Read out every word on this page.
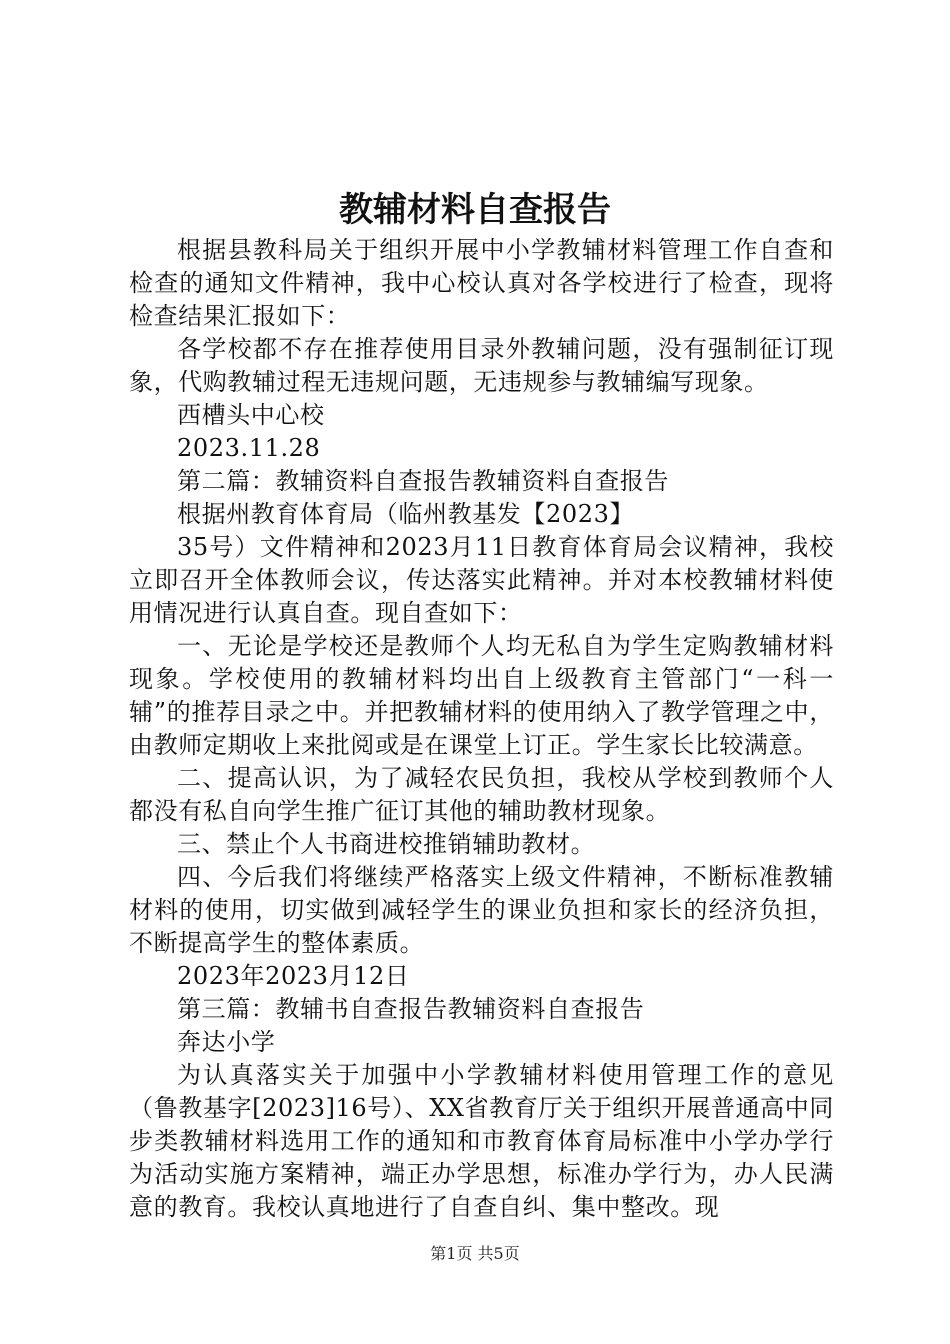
教辅材料自查报告

根据县教科局关于组织开展中小学教辅材料管理工作自查和检查的通知文件精神，我中心校认真对各学校进行了检查，现将检查结果汇报如下：

各学校都不存在推荐使用目录外教辅问题，没有强制征订现象，代购教辅过程无违规问题，无违规参与教辅编写现象。

西槽头中心校

2023.11.28

第二篇：教辅资料自查报告教辅资料自查报告

根据州教育体育局（临州教基发【2023】

35号）文件精神和2023月11日教育体育局会议精神，我校立即召开全体教师会议，传达落实此精神。并对本校教辅材料使用情况进行认真自查。现自查如下：

一、无论是学校还是教师个人均无私自为学生定购教辅材料现象。学校使用的教辅材料均出自上级教育主管部门“一科一辅”的推荐目录之中。并把教辅材料的使用纳入了教学管理之中，由教师定期收上来批阅或是在课堂上订正。学生家长比较满意。

二、提高认识，为了减轻农民负担，我校从学校到教师个人都没有私自向学生推广征订其他的辅助教材现象。

三、禁止个人书商进校推销辅助教材。

四、今后我们将继续严格落实上级文件精神，不断标准教辅材料的使用，切实做到减轻学生的课业负担和家长的经济负担，不断提高学生的整体素质。

2023年2023月12日

第三篇：教辅书自查报告教辅资料自查报告

奔达小学

为认真落实关于加强中小学教辅材料使用管理工作的意见（鲁教基字[2023]16号）、XX省教育厅关于组织开展普通高中同步类教辅材料选用工作的通知和市教育体育局标准中小学办学行为活动实施方案精神，端正办学思想，标准办学行为，办人民满意的教育。我校认真地进行了自查自纠、集中整改。现

第1页 共5页
